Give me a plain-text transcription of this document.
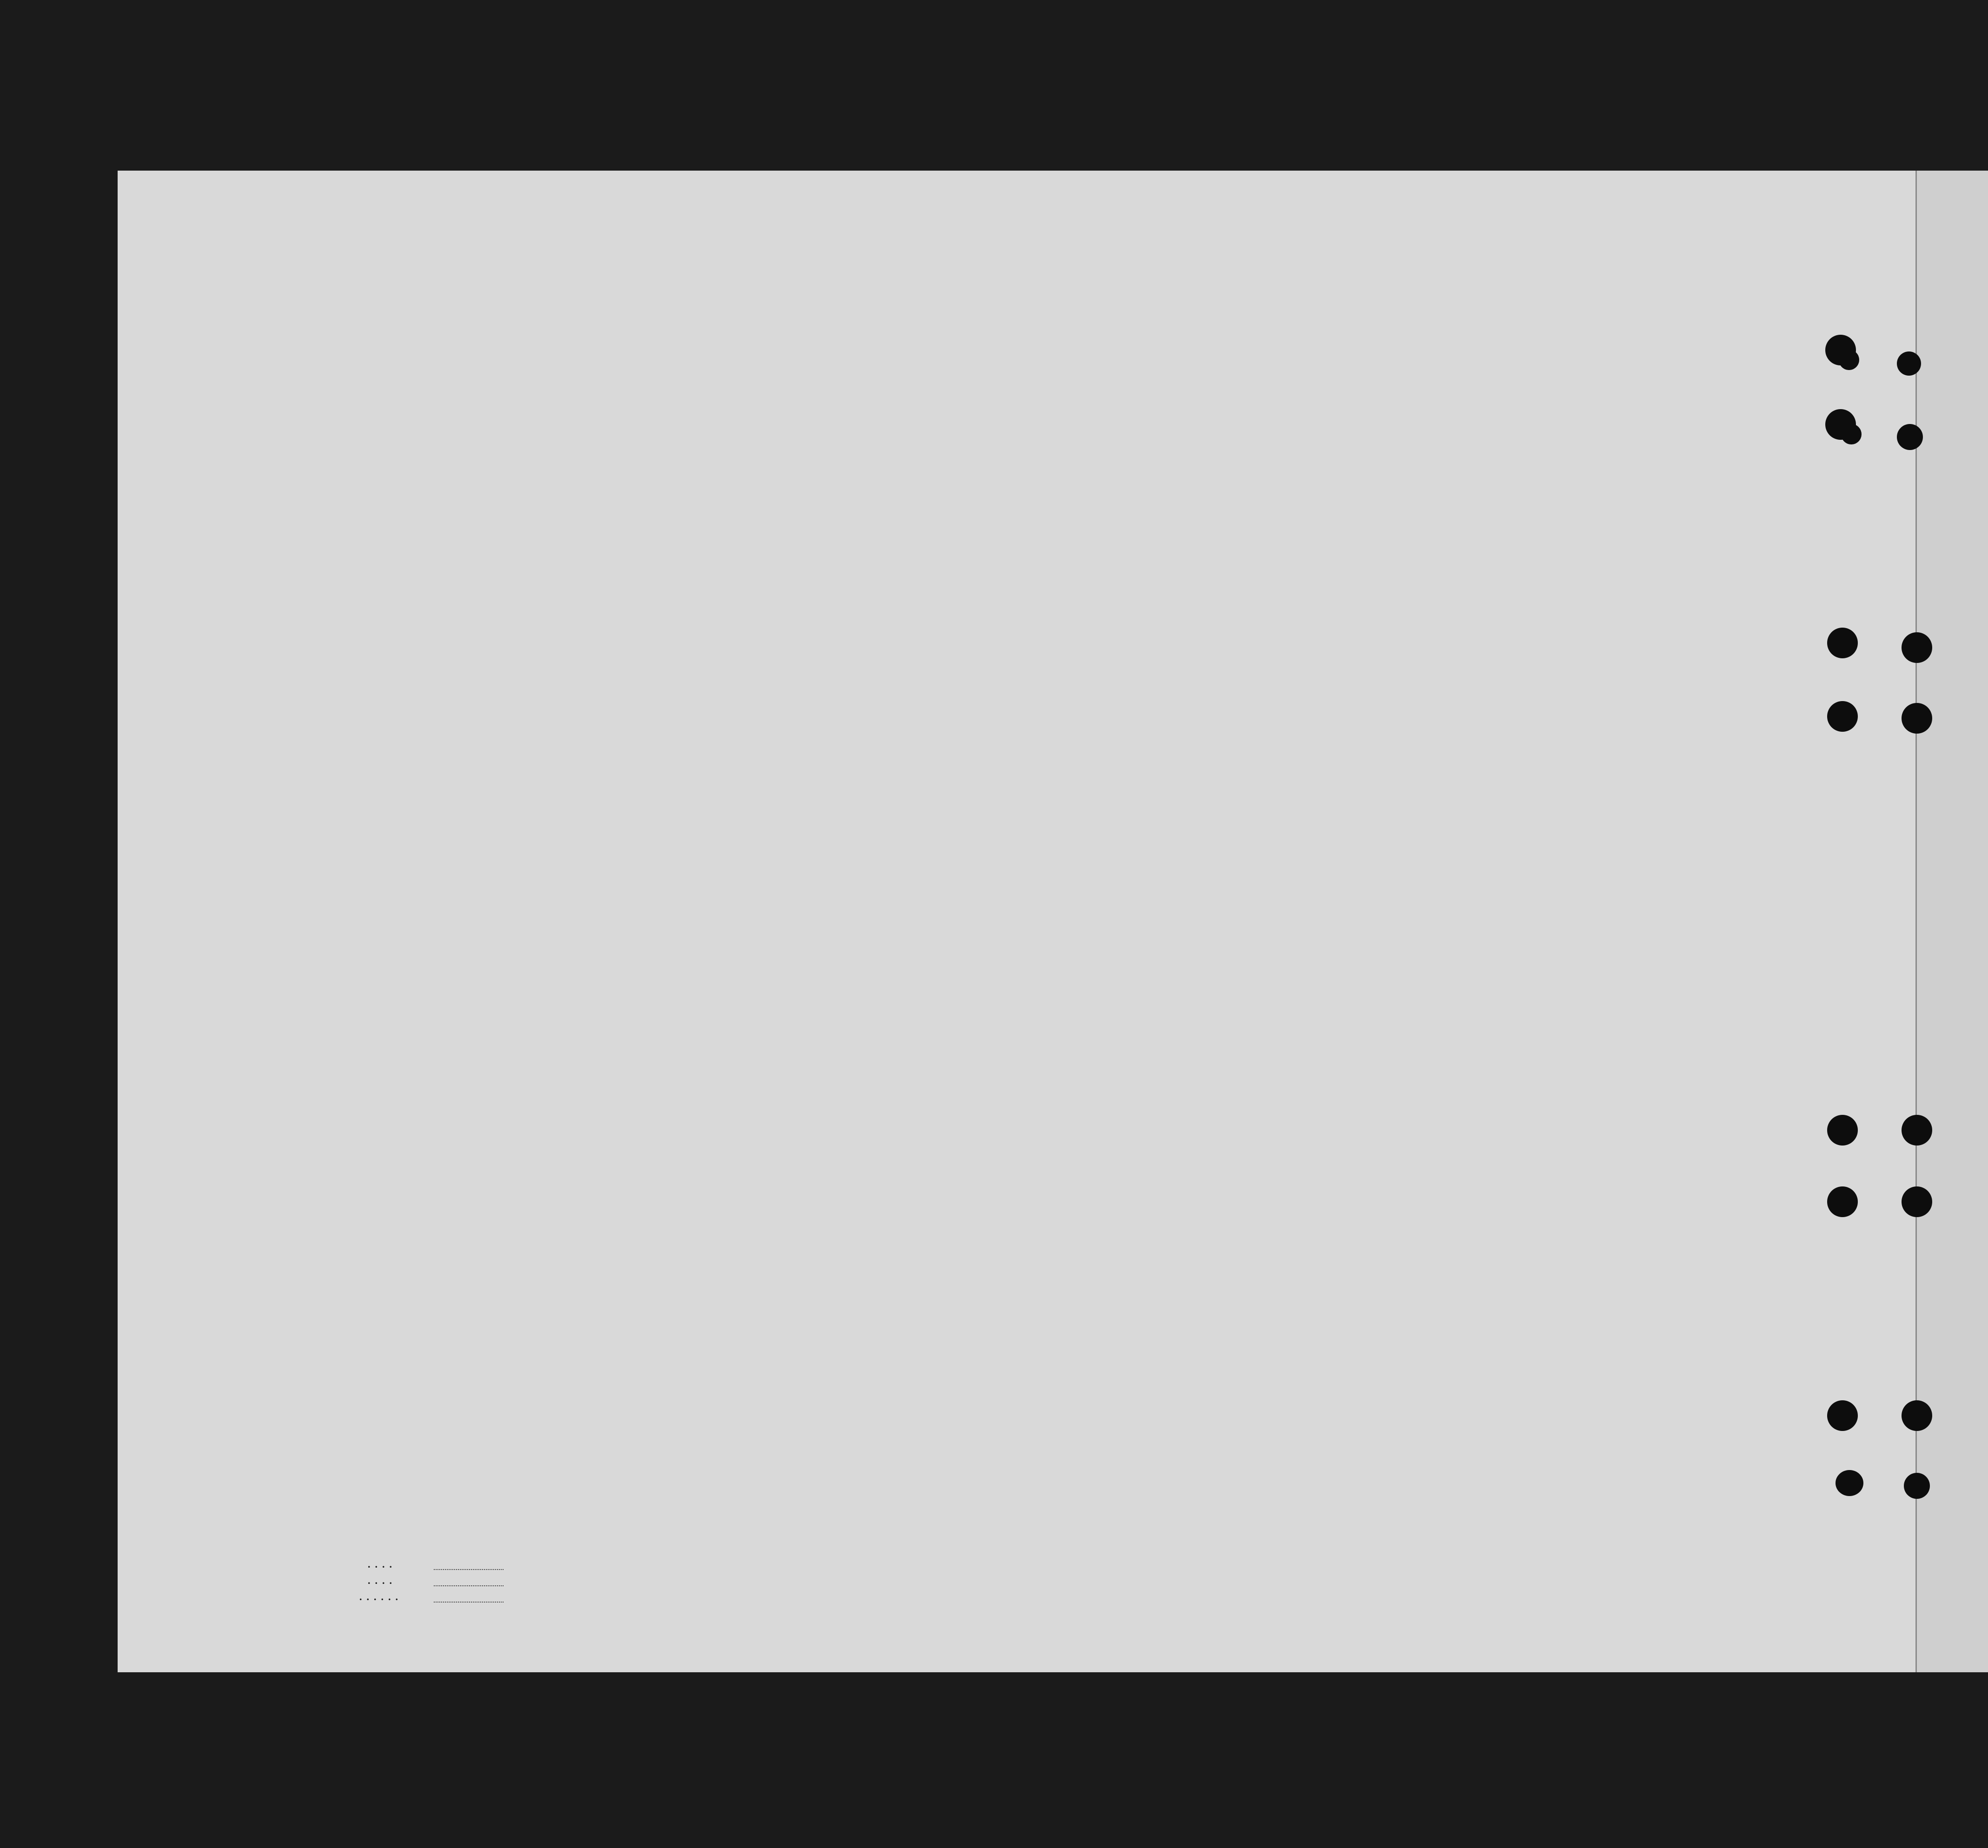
....
....
......
